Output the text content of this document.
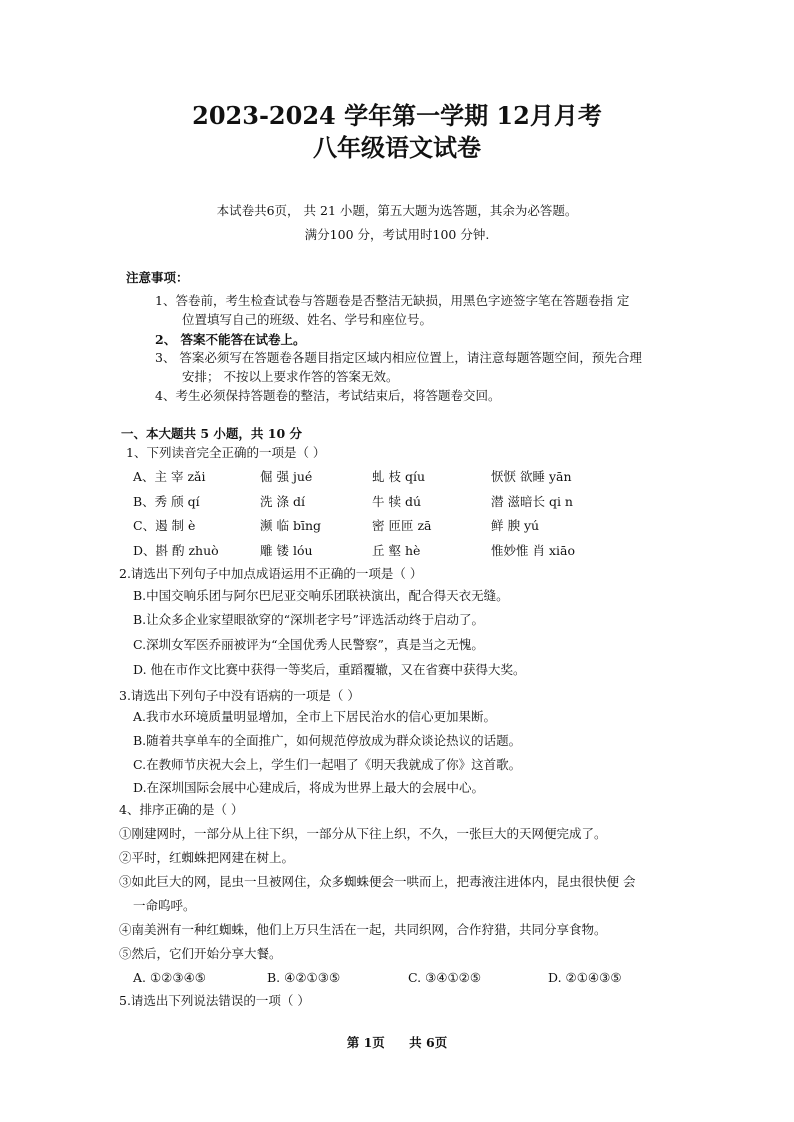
2023-2024 学年第一学期 12月月考
八年级语文试卷
本试卷共6页， 共 21 小题，第五大题为选答题，其余为必答题。
满分100 分，考试用时100 分钟.
注意事项：
1、答卷前，考生检查试卷与答题卷是否整洁无缺损，用黑色字迹签字笔在答题卷指 定
位置填写自己的班级、姓名、学号和座位号。
2、 答案不能答在试卷上。
3、 答案必须写在答题卷各题目指定区域内相应位置上，请注意每题答题空间，预先合理
安排； 不按以上要求作答的答案无效。
4、考生必须保持答题卷的整洁，考试结束后，将答题卷交回。
一、本大题共 5 小题，共 10 分
1、下列读音完全正确的一项是（ ）
A、主 宰 zǎi	倔 强 jué	虬 枝 qíu	恹恹 欲睡 yān
B、秀 颀 qí	洗 涤 dí	牛 犊 dú	潜 滋暗长 qi n
C、遏 制 è	濒 临 bīng	密 匝匝 zā	鲜 腴 yú
D、斟 酌 zhuò	雕 镂 lóu	丘 壑 hè	惟妙惟 肖 xiāo
2.请选出下列句子中加点成语运用不正确的一项是（ ）
B.中国交响乐团与阿尔巴尼亚交响乐团联袂演出，配合得天衣无缝。
B.让众多企业家望眼欲穿的“深圳老字号”评选活动终于启动了。
C.深圳女军医乔丽被评为“全国优秀人民警察”，真是当之无愧。
D. 他在市作文比赛中获得一等奖后，重蹈覆辙，又在省赛中获得大奖。
3.请选出下列句子中没有语病的一项是（ ）
A.我市水环境质量明显增加，全市上下居民治水的信心更加果断。
B.随着共享单车的全面推广，如何规范停放成为群众谈论热议的话题。
C.在教师节庆祝大会上，学生们一起唱了《明天我就成了你》这首歌。
D.在深圳国际会展中心建成后，将成为世界上最大的会展中心。
4、排序正确的是（ ）
①刚建网时，一部分从上往下织，一部分从下往上织，不久，一张巨大的天网便完成了。
②平时，红蜘蛛把网建在树上。
③如此巨大的网，昆虫一旦被网住，众多蜘蛛便会一哄而上，把毒液注进体内，昆虫很快便 会
一命呜呼。
④南美洲有一种红蜘蛛，他们上万只生活在一起，共同织网，合作狩猎，共同分享食物。
⑤然后，它们开始分享大餐。
A. ①②③④⑤	B. ④②①③⑤	C. ③④①②⑤	D. ②①④③⑤
5.请选出下列说法错误的一项（ ）
第 1页 共 6页
